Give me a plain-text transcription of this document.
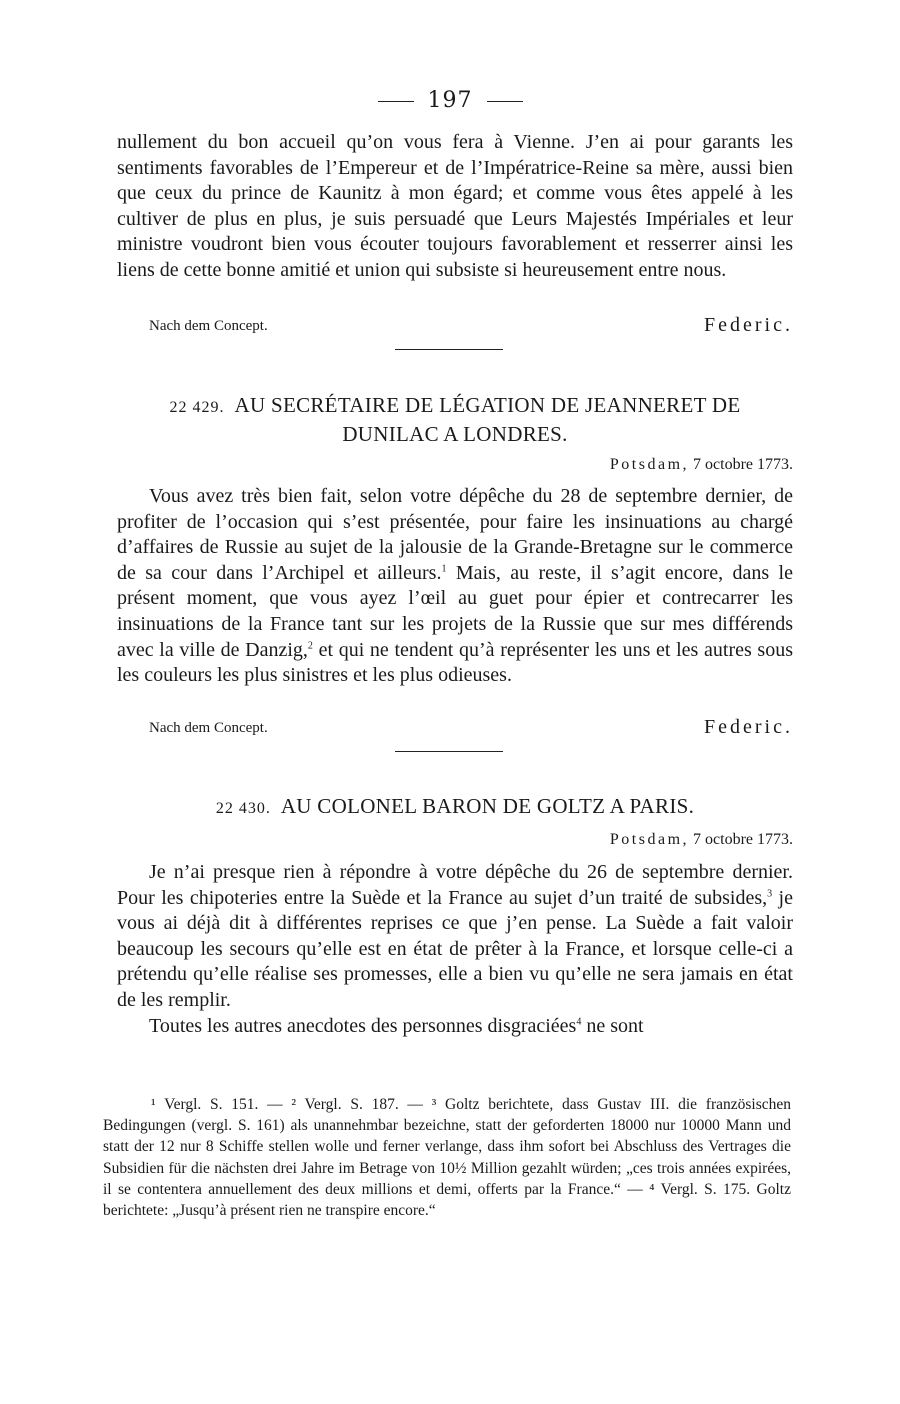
197

nullement du bon accueil qu’on vous fera à Vienne. J’en ai pour garants les sentiments favorables de l’Empereur et de l’Impératrice-Reine sa mère, aussi bien que ceux du prince de Kaunitz à mon égard; et comme vous êtes appelé à les cultiver de plus en plus, je suis persuadé que Leurs Majestés Impériales et leur ministre voudront bien vous écouter toujours favorablement et resserrer ainsi les liens de cette bonne amitié et union qui subsiste si heureusement entre nous.

Nach dem Concept.	Federic.
22 429. AU SECRÉTAIRE DE LÉGATION DE JEANNERET DE
DUNILAC A LONDRES.
Potsdam, 7 octobre 1773.

Vous avez très bien fait, selon votre dépêche du 28 de septembre dernier, de profiter de l’occasion qui s’est présentée, pour faire les insinuations au chargé d’affaires de Russie au sujet de la jalousie de la Grande-Bretagne sur le commerce de sa cour dans l’Archipel et ailleurs.$^1$ Mais, au reste, il s’agit encore, dans le présent moment, que vous ayez l’œil au guet pour épier et contrecarrer les insinuations de la France tant sur les projets de la Russie que sur mes différends avec la ville de Danzig,$^2$ et qui ne tendent qu’à représenter les uns et les autres sous les couleurs les plus sinistres et les plus odieuses.

Nach dem Concept.	Federic.
22 430. AU COLONEL BARON DE GOLTZ A PARIS.
Potsdam, 7 octobre 1773.

Je n’ai presque rien à répondre à votre dépêche du 26 de septembre dernier. Pour les chipoteries entre la Suède et la France au sujet d’un traité de subsides,$^3$ je vous ai déjà dit à différentes reprises ce que j’en pense. La Suède a fait valoir beaucoup les secours qu’elle est en état de prêter à la France, et lorsque celle-ci a prétendu qu’elle réalise ses promesses, elle a bien vu qu’elle ne sera jamais en état de les remplir.

Toutes les autres anecdotes des personnes disgraciées$^4$ ne sont

¹ Vergl. S. 151. — ² Vergl. S. 187. — ³ Goltz berichtete, dass Gustav III. die französischen Bedingungen (vergl. S. 161) als unannehmbar bezeichne, statt der geforderten 18000 nur 10000 Mann und statt der 12 nur 8 Schiffe stellen wolle und ferner verlange, dass ihm sofort bei Abschluss des Vertrages die Subsidien für die nächsten drei Jahre im Betrage von 10½ Million gezahlt würden; „ces trois années expirées, il se contentera annuellement des deux millions et demi, offerts par la France.“ — ⁴ Vergl. S. 175. Goltz berichtete: „Jusqu’à présent rien ne transpire encore.“
